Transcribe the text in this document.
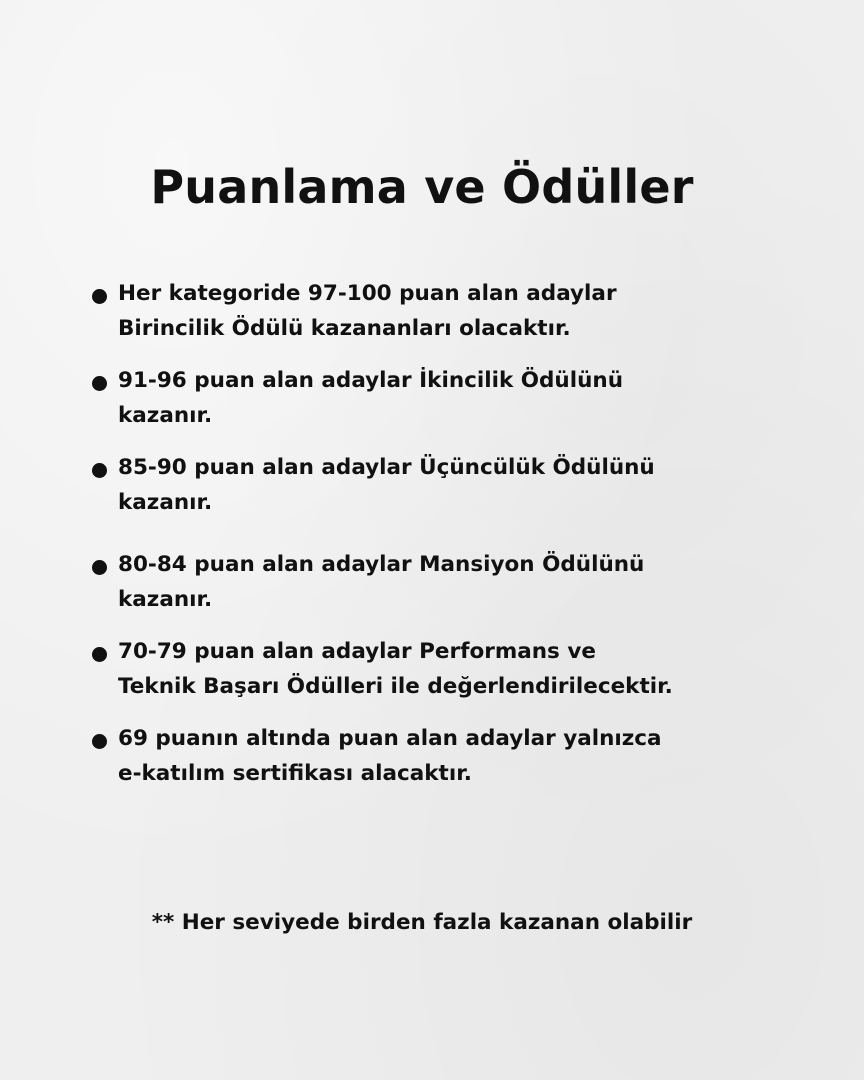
Puanlama ve Ödüller
Her kategoride 97-100 puan alan adaylar
Birincilik Ödülü kazananları olacaktır.
91-96 puan alan adaylar İkincilik Ödülünü
kazanır.
85-90 puan alan adaylar Üçüncülük Ödülünü
kazanır.
80-84 puan alan adaylar Mansiyon Ödülünü
kazanır.
70-79 puan alan adaylar Performans ve
Teknik Başarı Ödülleri ile değerlendirilecektir.
69 puanın altında puan alan adaylar yalnızca
e-katılım sertifikası alacaktır.

** Her seviyede birden fazla kazanan olabilir
